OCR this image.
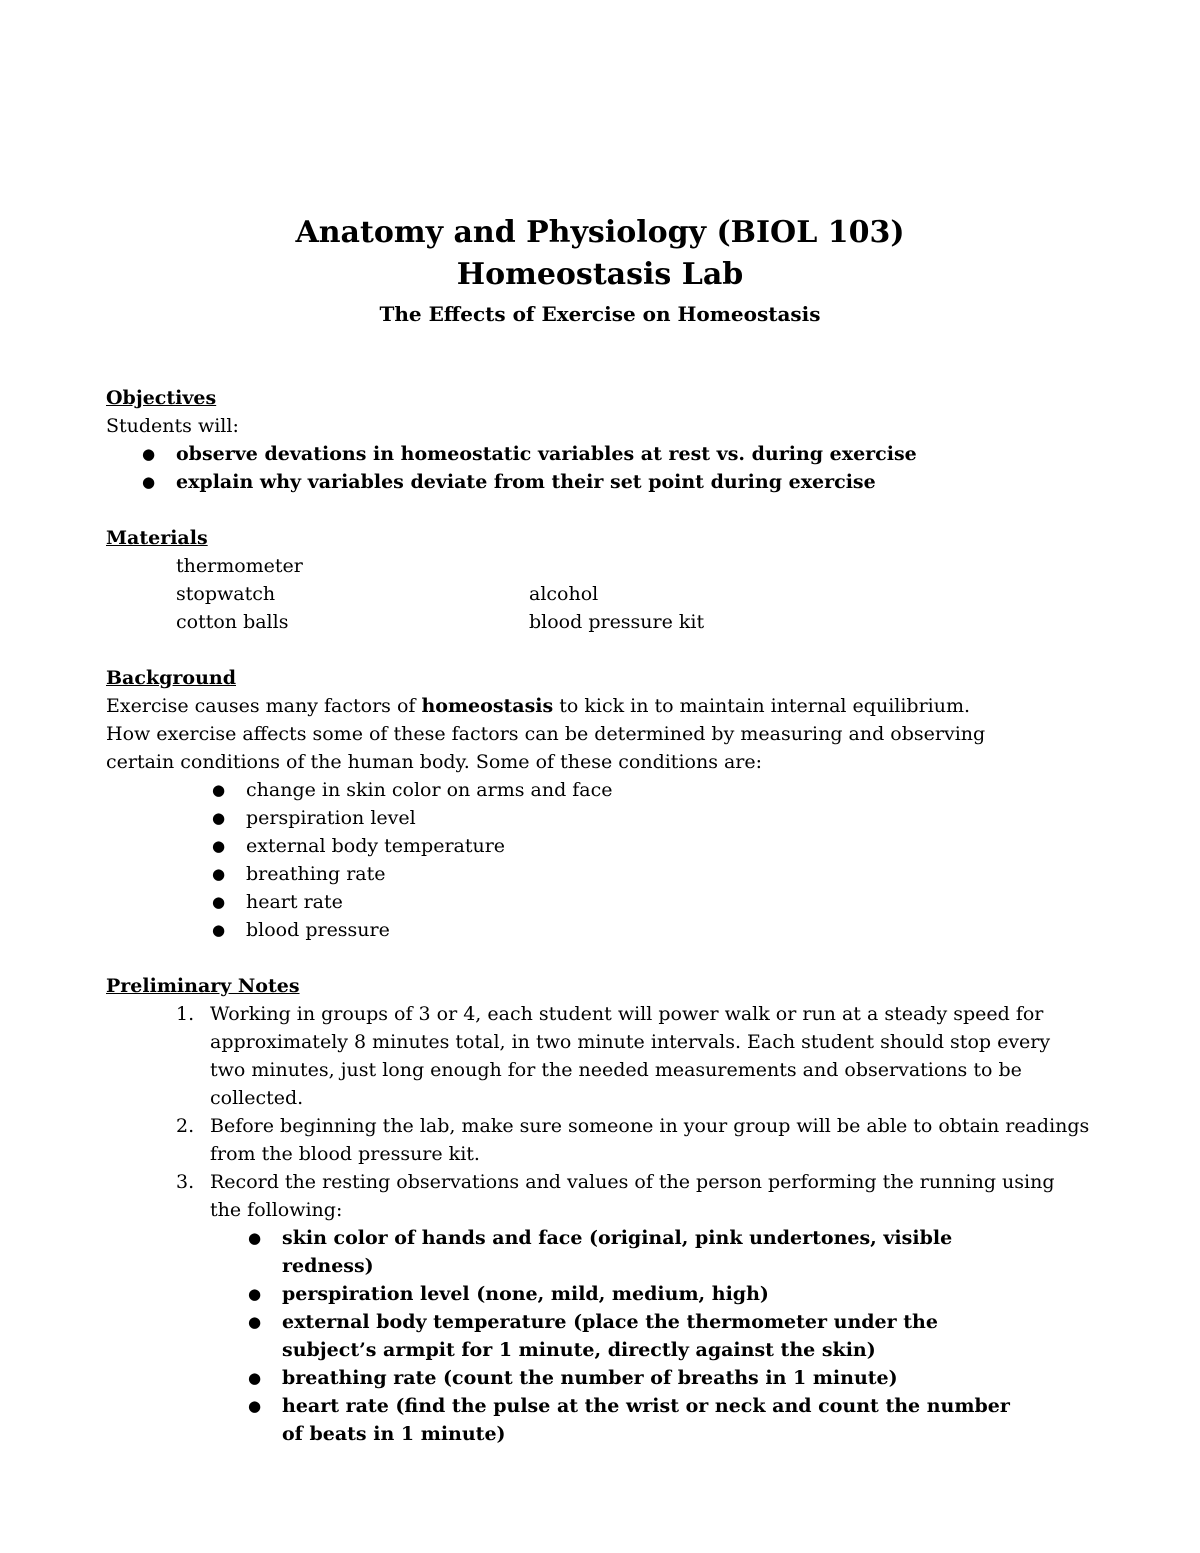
Anatomy and Physiology (BIOL 103)
Homeostasis Lab
The Effects of Exercise on Homeostasis
Objectives
Students will:
● observe devations in homeostatic variables at rest vs. during exercise
● explain why variables deviate from their set point during exercise
Materials
thermometer
stopwatch	alcohol
cotton balls	blood pressure kit
Background
Exercise causes many factors of homeostasis to kick in to maintain internal equilibrium.
How exercise affects some of these factors can be determined by measuring and observing certain conditions of the human body. Some of these conditions are:
● change in skin color on arms and face
● perspiration level
● external body temperature
● breathing rate
● heart rate
● blood pressure
Preliminary Notes
1. Working in groups of 3 or 4, each student will power walk or run at a steady speed for approximately 8 minutes total, in two minute intervals. Each student should stop every two minutes, just long enough for the needed measurements and observations to be collected.
2. Before beginning the lab, make sure someone in your group will be able to obtain readings from the blood pressure kit.
3. Record the resting observations and values of the person performing the running using the following:
● skin color of hands and face (original, pink undertones, visible redness)
● perspiration level (none, mild, medium, high)
● external body temperature (place the thermometer under the subject’s armpit for 1 minute, directly against the skin)
● breathing rate (count the number of breaths in 1 minute)
● heart rate (find the pulse at the wrist or neck and count the number of beats in 1 minute)
